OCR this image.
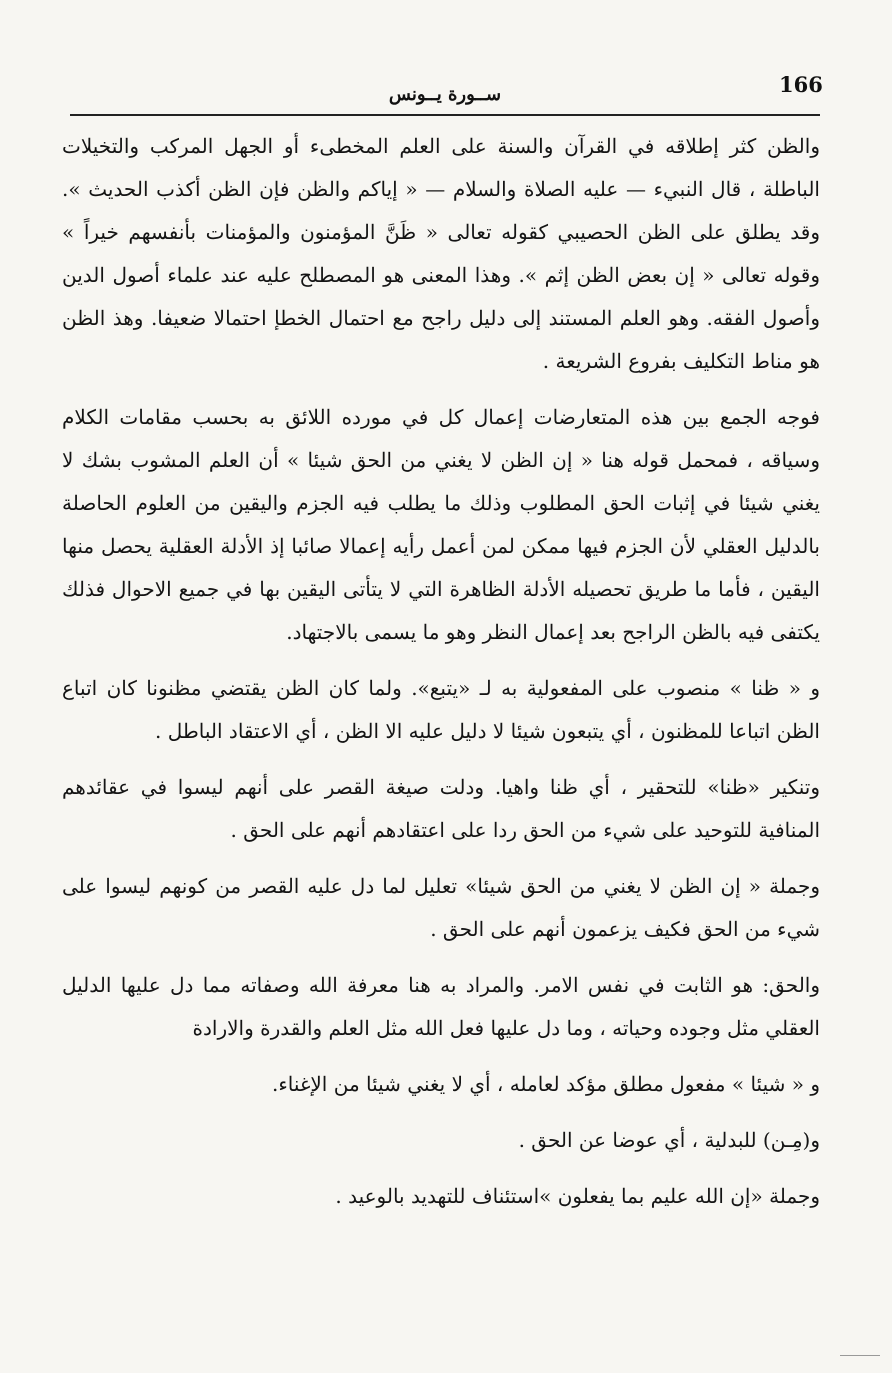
166
ســورة يــونس

والظن كثر إطلاقه في القرآن والسنة على العلم المخطىء أو الجهل المركب والتخيلات الباطلة ، قال النبيء — عليه الصلاة والسلام — « إياكم والظن فإن الظن أكذب الحديث ». وقد يطلق على الظن الحصيبي كقوله تعالى « ظَنَّ المؤمنون والمؤمنات بأنفسهم خيراً » وقوله تعالى « إن بعض الظن إثم ». وهذا المعنى هو المصطلح عليه عند علماء أصول الدين وأصول الفقه. وهو العلم المستند إلى دليل راجح مع احتمال الخطإ احتمالا ضعيفا. وهذ الظن هو مناط التكليف بفروع الشريعة .

فوجه الجمع بين هذه المتعارضات إعمال كل في مورده اللائق به بحسب مقامات الكلام وسياقه ، فمحمل قوله هنا « إن الظن لا يغني من الحق شيئا » أن العلم المشوب بشك لا يغني شيئا في إثبات الحق المطلوب وذلك ما يطلب فيه الجزم واليقين من العلوم الحاصلة بالدليل العقلي لأن الجزم فيها ممكن لمن أعمل رأيه إعمالا صائبا إذ الأدلة العقلية يحصل منها اليقين ، فأما ما طريق تحصيله الأدلة الظاهرة التي لا يتأتى اليقين بها في جميع الاحوال فذلك يكتفى فيه بالظن الراجح بعد إعمال النظر وهو ما يسمى بالاجتهاد.

و « ظنا » منصوب على المفعولية به لـ «يتبع». ولما كان الظن يقتضي مظنونا كان اتباع الظن اتباعا للمظنون ، أي يتبعون شيئا لا دليل عليه الا الظن ، أي الاعتقاد الباطل .

وتنكير «ظنا» للتحقير ، أي ظنا واهيا. ودلت صيغة القصر على أنهم ليسوا في عقائدهم المنافية للتوحيد على شيء من الحق ردا على اعتقادهم أنهم على الحق .

وجملة « إن الظن لا يغني من الحق شيئا» تعليل لما دل عليه القصر من كونهم ليسوا على شيء من الحق فكيف يزعمون أنهم على الحق .

والحق: هو الثابت في نفس الامر. والمراد به هنا معرفة الله وصفاته مما دل عليها الدليل العقلي مثل وجوده وحياته ، وما دل عليها فعل الله مثل العلم والقدرة والارادة

و « شيئا » مفعول مطلق مؤكد لعامله ، أي لا يغني شيئا من الإغناء.

و(مِـن) للبدلية ، أي عوضا عن الحق .

وجملة «إن الله عليم بما يفعلون »استئناف للتهديد بالوعيد .
